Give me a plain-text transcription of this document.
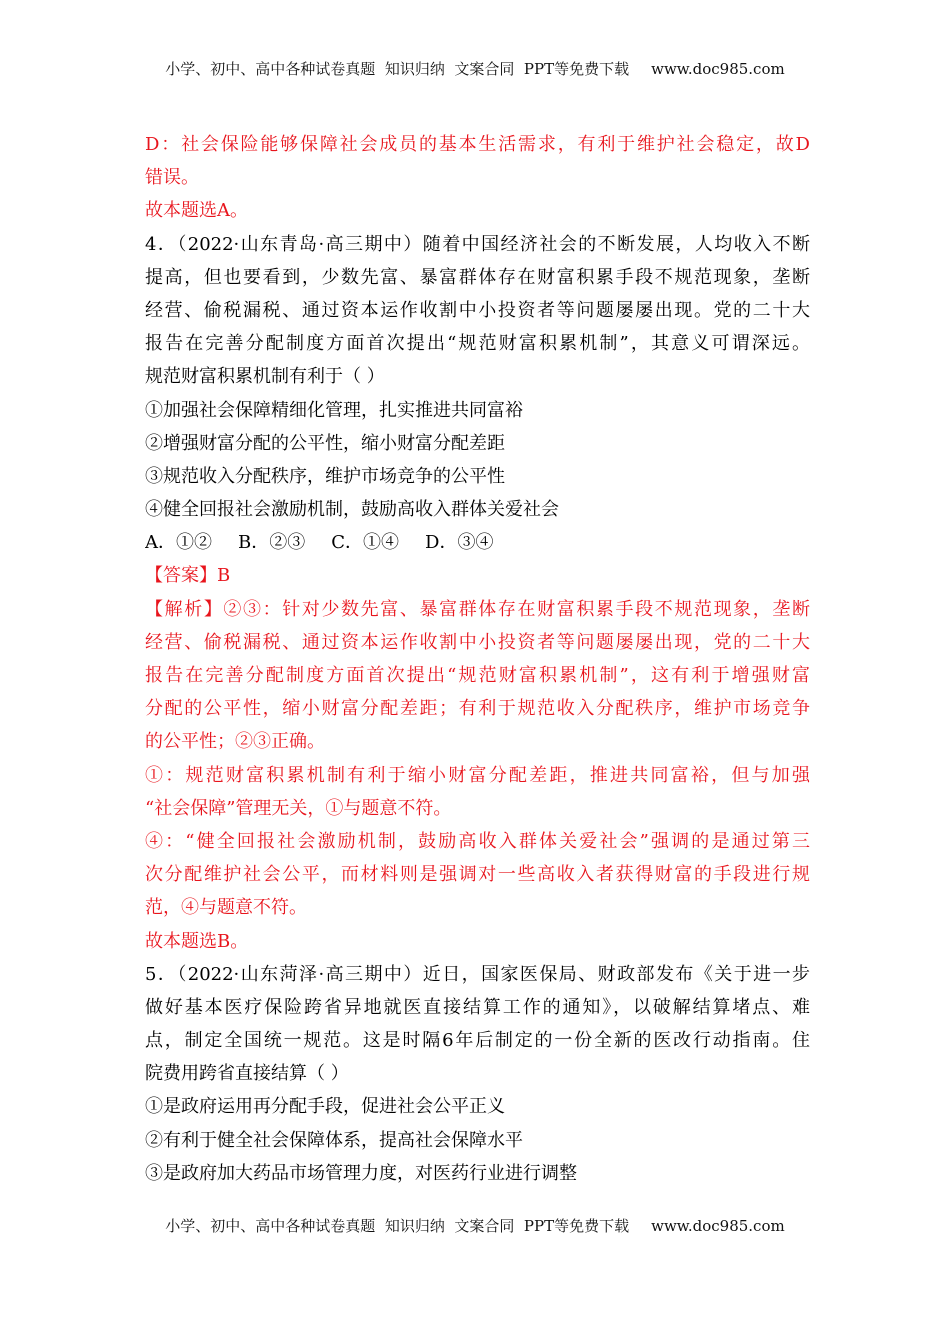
小学、初中、高中各种试卷真题  知识归纳  文案合同  PPT等免费下载 www.doc985.com
D：社会保险能够保障社会成员的基本生活需求，有利于维护社会稳定，故D
错误。
故本题选A。
4．（2022·山东青岛·高三期中）随着中国经济社会的不断发展，人均收入不断
提高，但也要看到，少数先富、暴富群体存在财富积累手段不规范现象，垄断
经营、偷税漏税、通过资本运作收割中小投资者等问题屡屡出现。党的二十大
报告在完善分配制度方面首次提出“规范财富积累机制”，其意义可谓深远。
规范财富积累机制有利于（ ）
①加强社会保障精细化管理，扎实推进共同富裕
②增强财富分配的公平性，缩小财富分配差距
③规范收入分配秩序，维护市场竞争的公平性
④健全回报社会激励机制，鼓励高收入群体关爱社会
A．①② B．②③ C．①④ D．③④
【答案】B
【解析】②③：针对少数先富、暴富群体存在财富积累手段不规范现象，垄断
经营、偷税漏税、通过资本运作收割中小投资者等问题屡屡出现，党的二十大
报告在完善分配制度方面首次提出“规范财富积累机制”，这有利于增强财富
分配的公平性，缩小财富分配差距；有利于规范收入分配秩序，维护市场竞争
的公平性；②③正确。
①：规范财富积累机制有利于缩小财富分配差距，推进共同富裕，但与加强
“社会保障”管理无关，①与题意不符。
④：“健全回报社会激励机制，鼓励高收入群体关爱社会”强调的是通过第三
次分配维护社会公平，而材料则是强调对一些高收入者获得财富的手段进行规
范，④与题意不符。
故本题选B。
5．（2022·山东菏泽·高三期中）近日，国家医保局、财政部发布《关于进一步
做好基本医疗保险跨省异地就医直接结算工作的通知》，以破解结算堵点、难
点，制定全国统一规范。这是时隔6年后制定的一份全新的医改行动指南。住
院费用跨省直接结算（ ）
①是政府运用再分配手段，促进社会公平正义
②有利于健全社会保障体系，提高社会保障水平
③是政府加大药品市场管理力度，对医药行业进行调整
小学、初中、高中各种试卷真题  知识归纳  文案合同  PPT等免费下载 www.doc985.com
